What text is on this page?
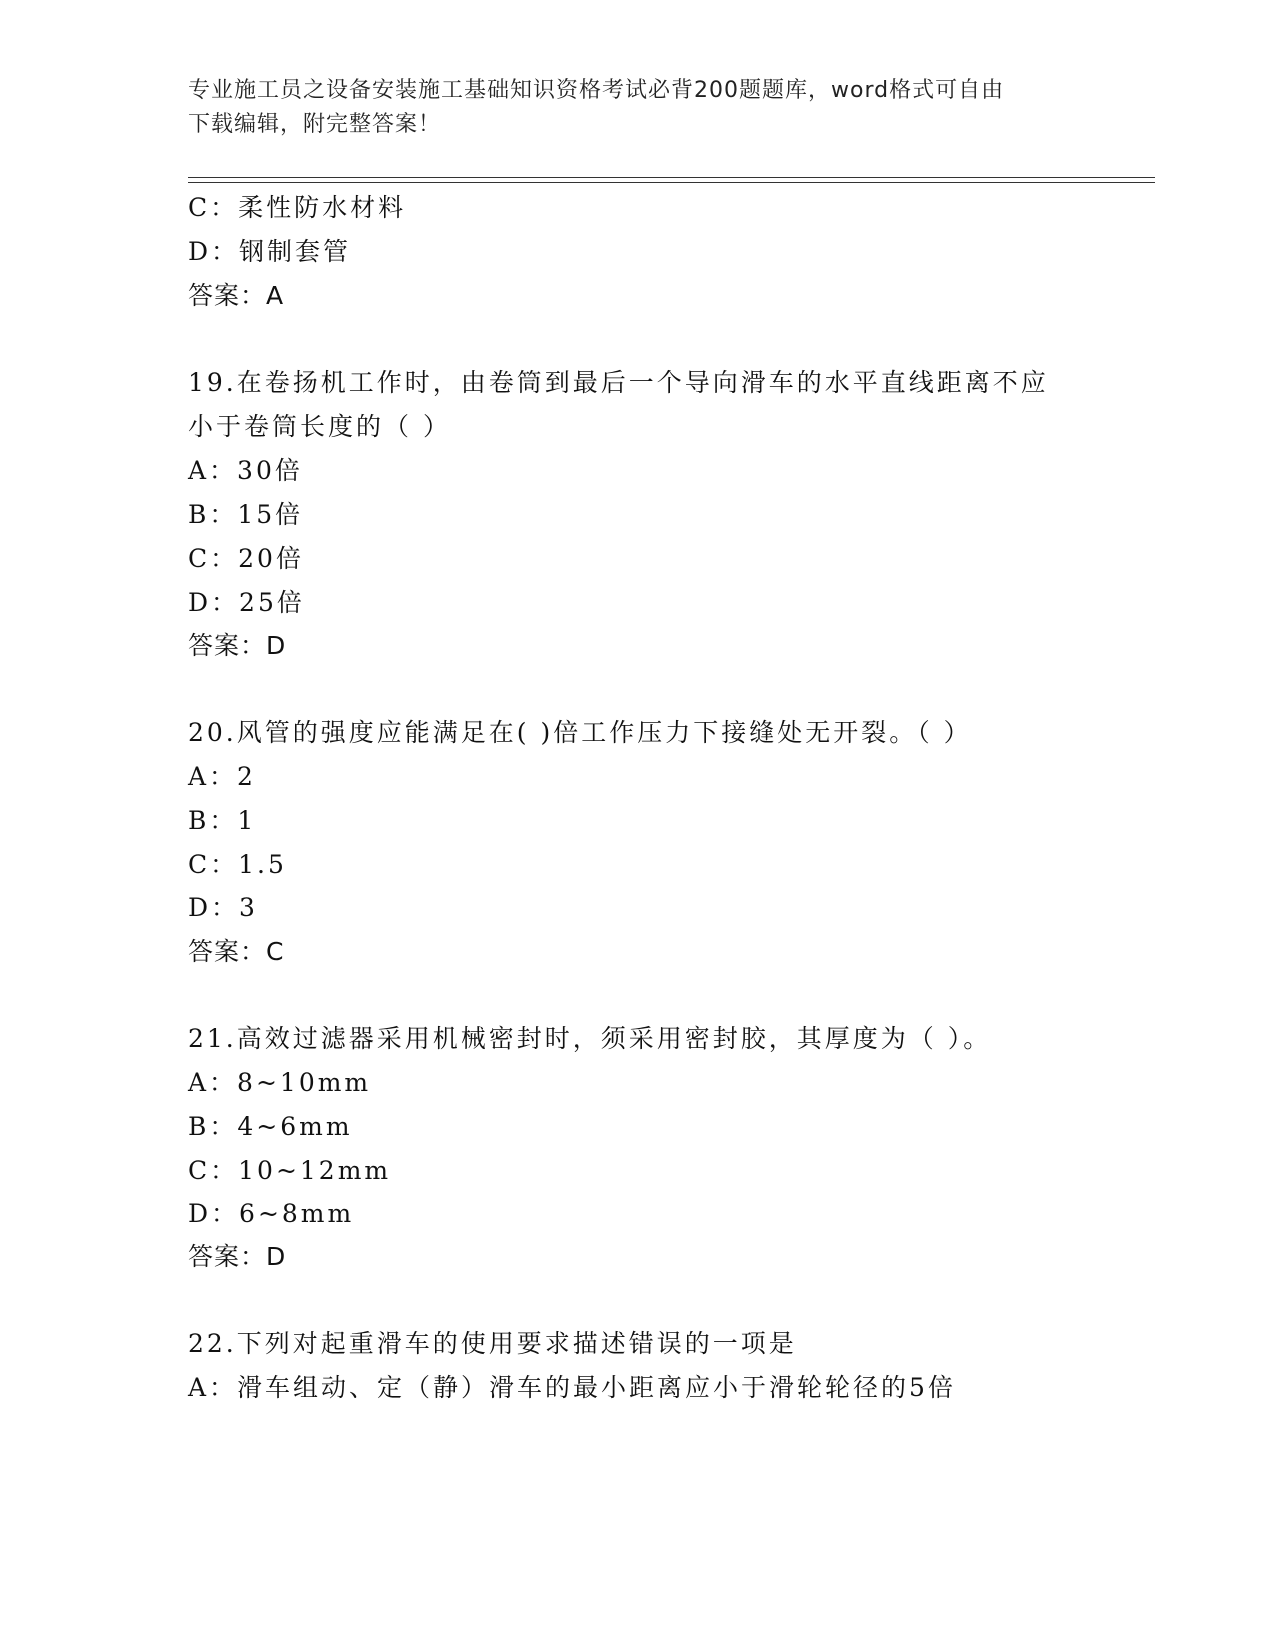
专业施工员之设备安装施工基础知识资格考试必背200题题库，word格式可自由
下载编辑，附完整答案！
C：柔性防水材料
D：钢制套管
答案：A
19.在卷扬机工作时，由卷筒到最后一个导向滑车的水平直线距离不应
小于卷筒长度的（ ）
A：30倍
B：15倍
C：20倍
D：25倍
答案：D
20.风管的强度应能满足在( )倍工作压力下接缝处无开裂。（ ）
A：2
B：1
C：1.5
D：3
答案：C
21.高效过滤器采用机械密封时，须采用密封胶，其厚度为（ ）。
A：8~10mm
B：4~6mm
C：10~12mm
D：6~8mm
答案：D
22.下列对起重滑车的使用要求描述错误的一项是
A：滑车组动、定（静）滑车的最小距离应小于滑轮轮径的5倍
